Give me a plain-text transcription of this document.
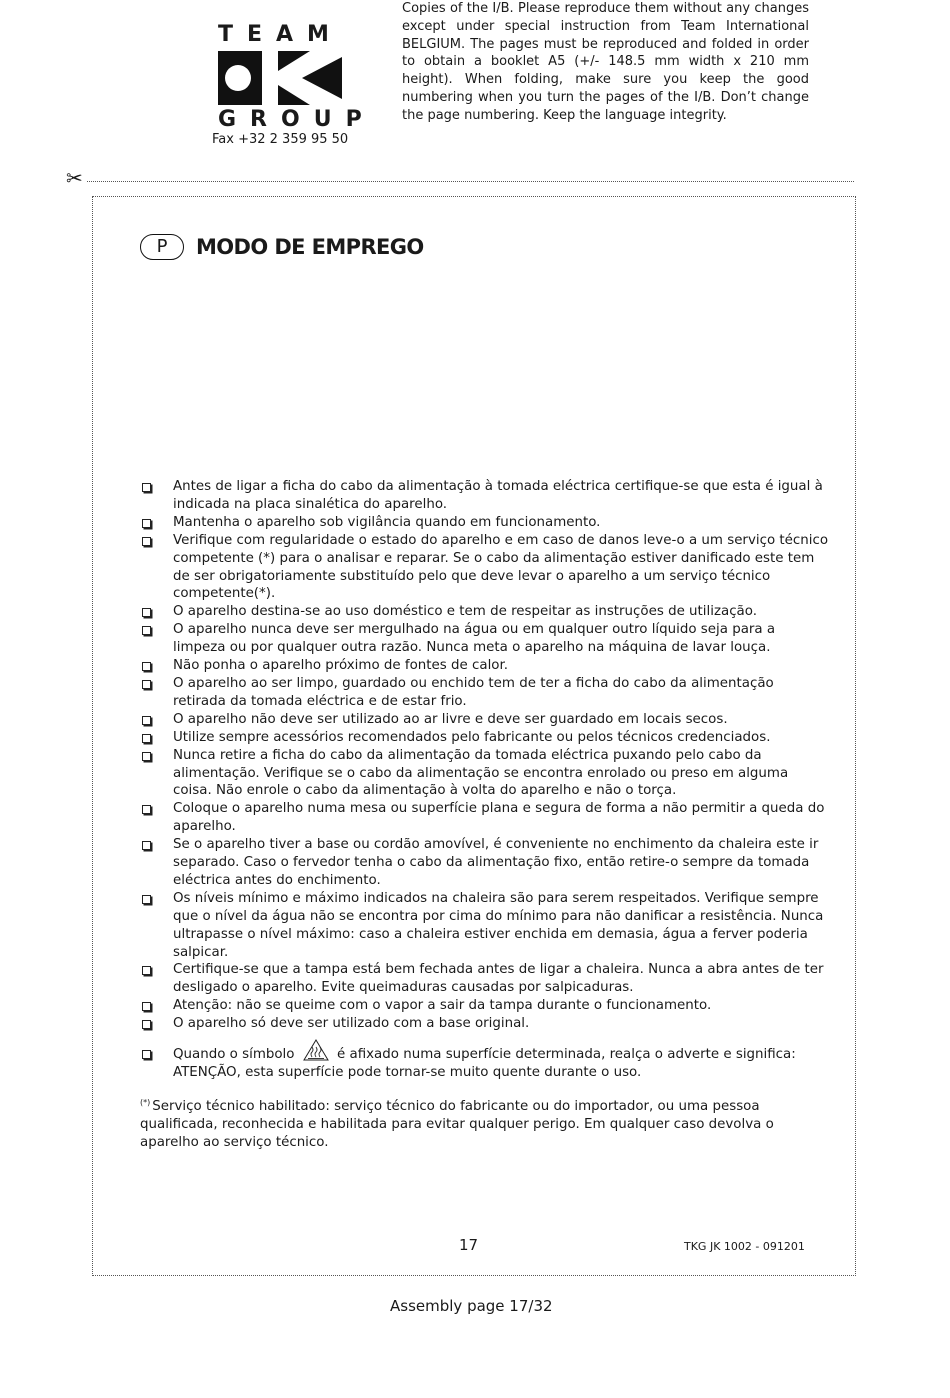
TEAM
GROUP
Fax +32 2 359 95 50
Copies of the I/B. Please reproduce them without any changes except under special instruction from Team International BELGIUM. The pages must be reproduced and folded in order to obtain a booklet A5 (+/- 148.5 mm width x 210 mm height). When folding, make sure you keep the good numbering when you turn the pages of the I/B. Don’t change the page numbering. Keep the language integrity.
✂
P	MODO DE EMPREGO
Antes de ligar a ficha do cabo da alimentação à tomada eléctrica certifique-se que esta é igual à indicada na placa sinalética do aparelho.
Mantenha o aparelho sob vigilância quando em funcionamento.
Verifique com regularidade o estado do aparelho e em caso de danos leve-o a um serviço técnico competente (*) para o analisar e reparar. Se o cabo da alimentação estiver danificado este tem de ser obrigatoriamente substituído pelo que deve levar o aparelho a um serviço técnico competente(*).
O aparelho destina-se ao uso doméstico e tem de respeitar as instruções de utilização.
O aparelho nunca deve ser mergulhado na água ou em qualquer outro líquido seja para a limpeza ou por qualquer outra razão. Nunca meta o aparelho na máquina de lavar louça.
Não ponha o aparelho próximo de fontes de calor.
O aparelho ao ser limpo, guardado ou enchido tem de ter a ficha do cabo da alimentação retirada da tomada eléctrica e de estar frio.
O aparelho não deve ser utilizado ao ar livre e deve ser guardado em locais secos.
Utilize sempre acessórios recomendados pelo fabricante ou pelos técnicos credenciados.
Nunca retire a ficha do cabo da alimentação da tomada eléctrica puxando pelo cabo da alimentação. Verifique se o cabo da alimentação se encontra enrolado ou preso em alguma coisa. Não enrole o cabo da alimentação à volta do aparelho e não o torça.
Coloque o aparelho numa mesa ou superfície plana e segura de forma a não permitir a queda do aparelho.
Se o aparelho tiver a base ou cordão amovível, é conveniente no enchimento da chaleira este ir separado. Caso o fervedor tenha o cabo da alimentação fixo, então retire-o sempre da tomada eléctrica antes do enchimento.
Os níveis mínimo e máximo indicados na chaleira são para serem respeitados. Verifique sempre que o nível da água não se encontra por cima do mínimo para não danificar a resistência. Nunca ultrapasse o nível máximo: caso a chaleira estiver enchida em demasia, água a ferver poderia salpicar.
Certifique-se que a tampa está bem fechada antes de ligar a chaleira. Nunca a abra antes de ter desligado o aparelho. Evite queimaduras causadas por salpicaduras.
Atenção: não se queime com o vapor a sair da tampa durante o funcionamento.
O aparelho só deve ser utilizado com a base original.
Quando o símbolo	é afixado numa superfície determinada, realça o adverte e significa: ATENÇÃO, esta superfície pode tornar-se muito quente durante o uso.
(*) Serviço técnico habilitado: serviço técnico do fabricante ou do importador, ou uma pessoa qualificada, reconhecida e habilitada para evitar qualquer perigo. Em qualquer caso devolva o aparelho ao serviço técnico.
17	TKG JK 1002 - 091201
Assembly page 17/32
